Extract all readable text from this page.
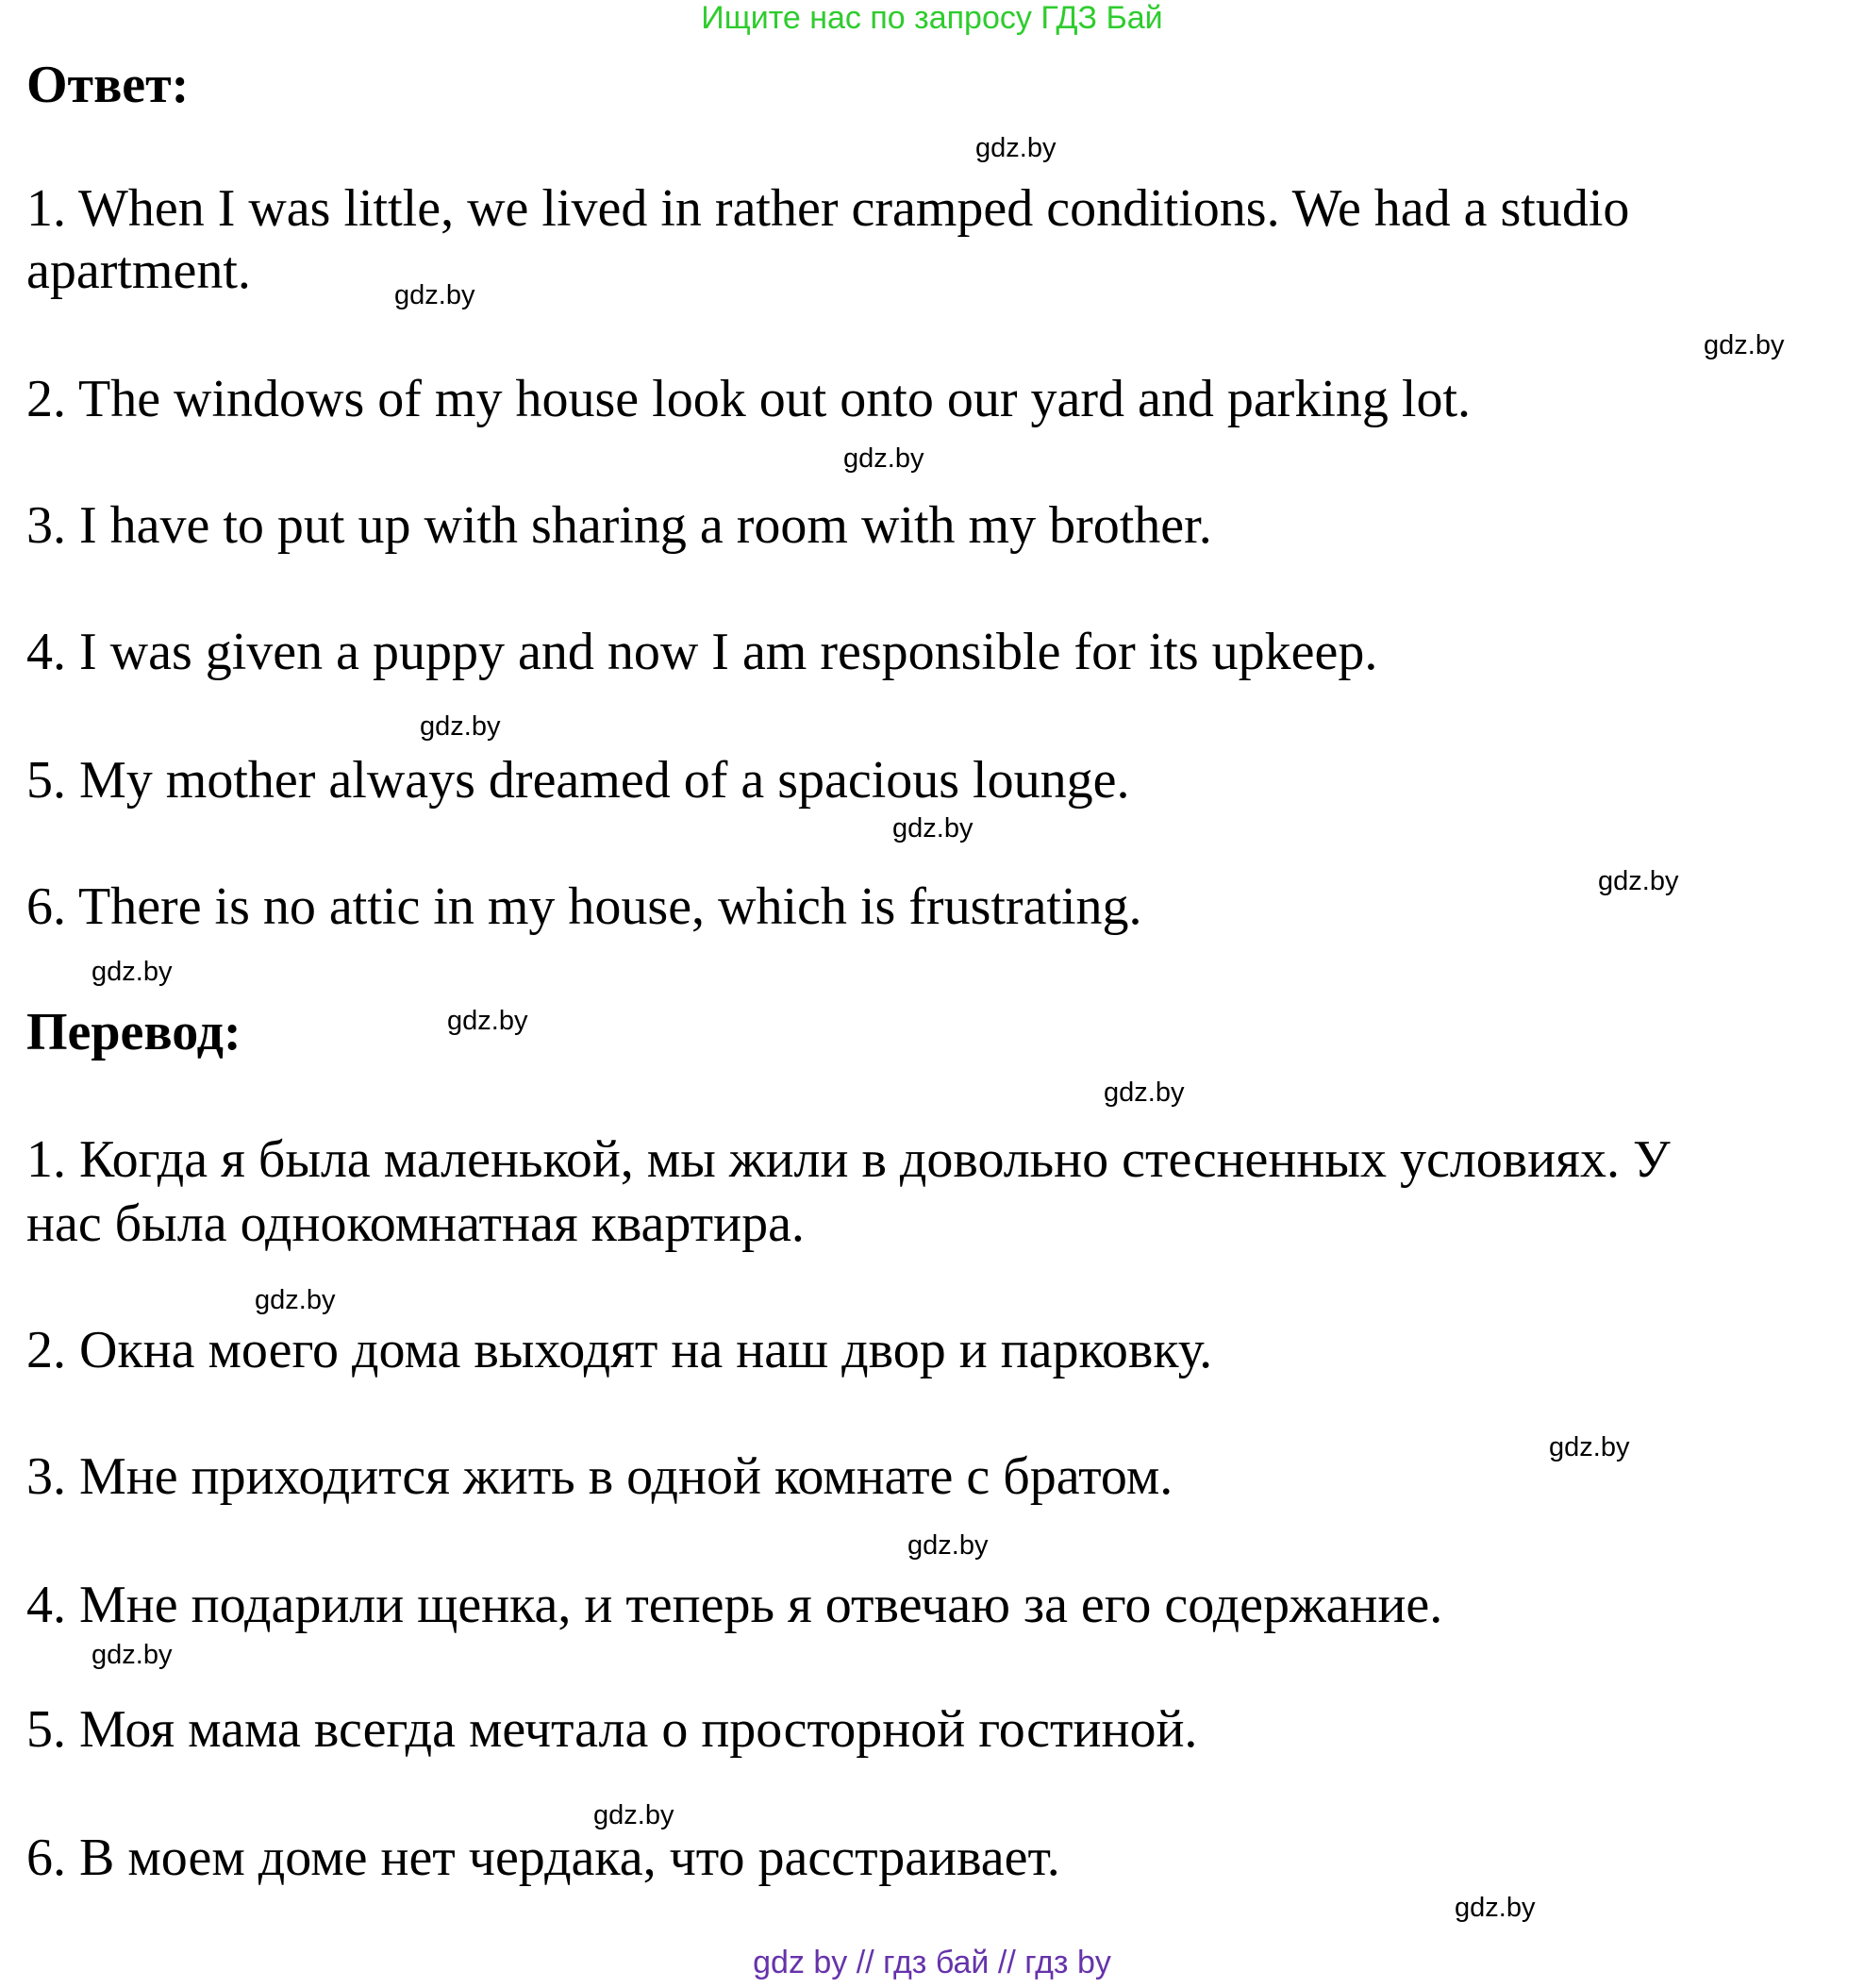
Ищите нас по запросу ГДЗ Бай
Ответ:

1. When I was little, we lived in rather cramped conditions. We had a studio

apartment.

2. The windows of my house look out onto our yard and parking lot.

3. I have to put up with sharing a room with my brother.

4. I was given a puppy and now I am responsible for its upkeep.

5. My mother always dreamed of a spacious lounge.

6. There is no attic in my house, which is frustrating.

Перевод:

1. Когда я была маленькой, мы жили в довольно стесненных условиях. У

нас была однокомнатная квартира.

2. Окна моего дома выходят на наш двор и парковку.

3. Мне приходится жить в одной комнате с братом.

4. Мне подарили щенка, и теперь я отвечаю за его содержание.

5. Моя мама всегда мечтала о просторной гостиной.

6. В моем доме нет чердака, что расстраивает.

gdz.by
gdz.by
gdz.by
gdz.by
gdz.by
gdz.by
gdz.by
gdz.by
gdz.by
gdz.by
gdz.by
gdz.by
gdz.by
gdz.by
gdz.by
gdz.by
gdz by // гдз бай // гдз by
